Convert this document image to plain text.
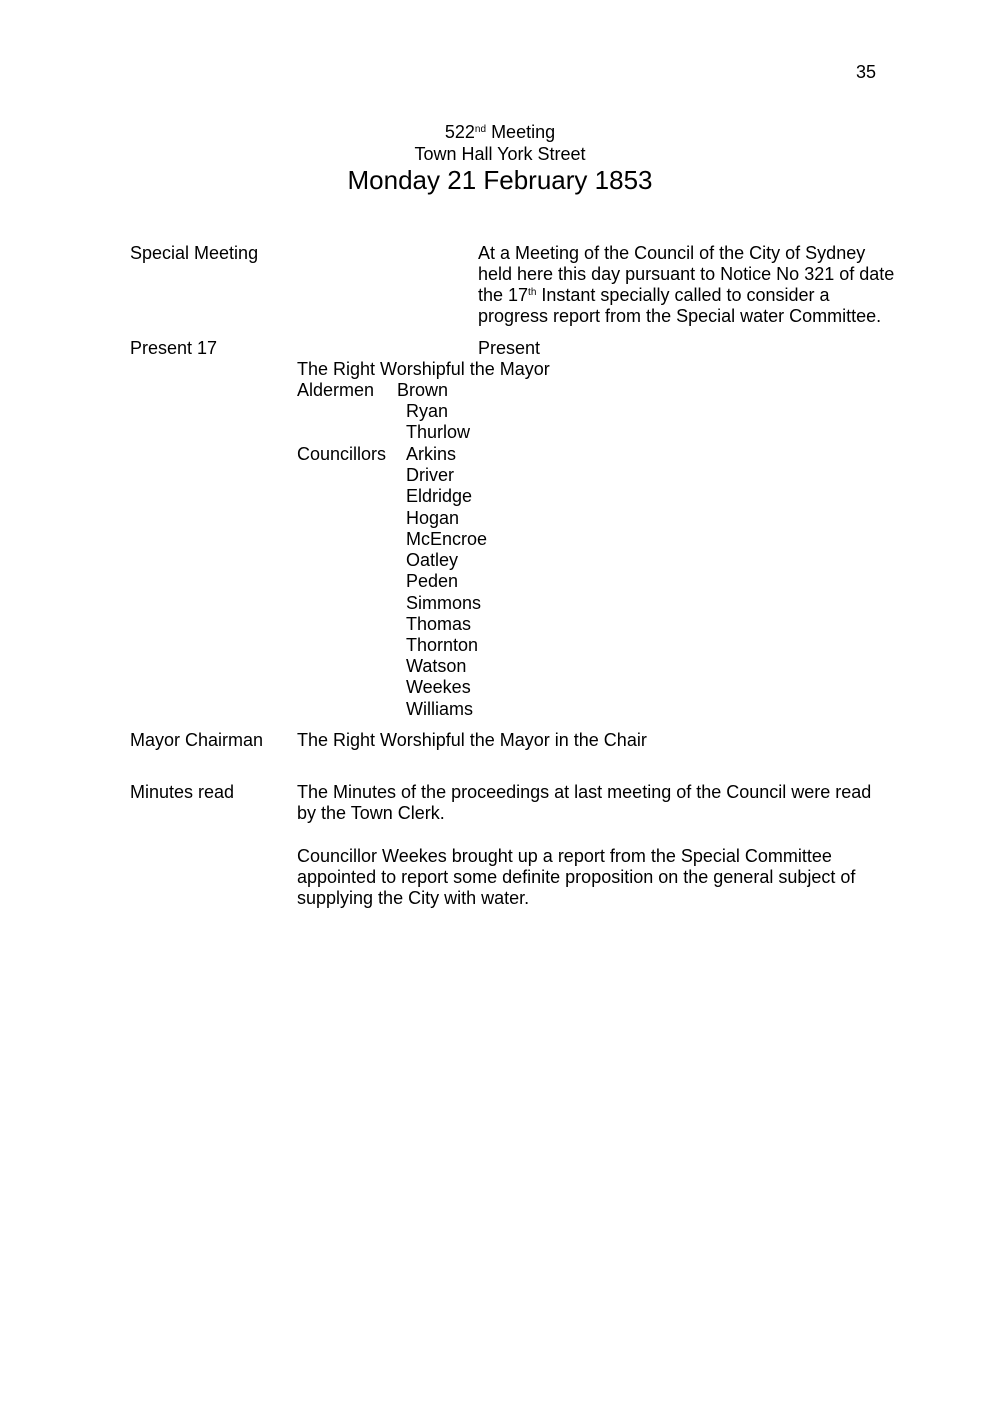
35
522nd Meeting
Town Hall York Street
Monday 21 February 1853
Special Meeting	At a Meeting of the Council of the City of Sydney
held here this day pursuant to Notice No 321 of date
the 17th Instant specially called to consider a
progress report from the Special water Committee.
Present 17	Present
The Right Worshipful the Mayor
Aldermen Brown
Ryan
Thurlow
Councillors Arkins
Driver
Eldridge
Hogan
McEncroe
Oatley
Peden
Simmons
Thomas
Thornton
Watson
Weekes
Williams
Mayor Chairman The Right Worshipful the Mayor in the Chair
Minutes read	The Minutes of the proceedings at last meeting of the Council were read
by the Town Clerk.
Councillor Weekes brought up a report from the Special Committee
appointed to report some definite proposition on the general subject of
supplying the City with water.
